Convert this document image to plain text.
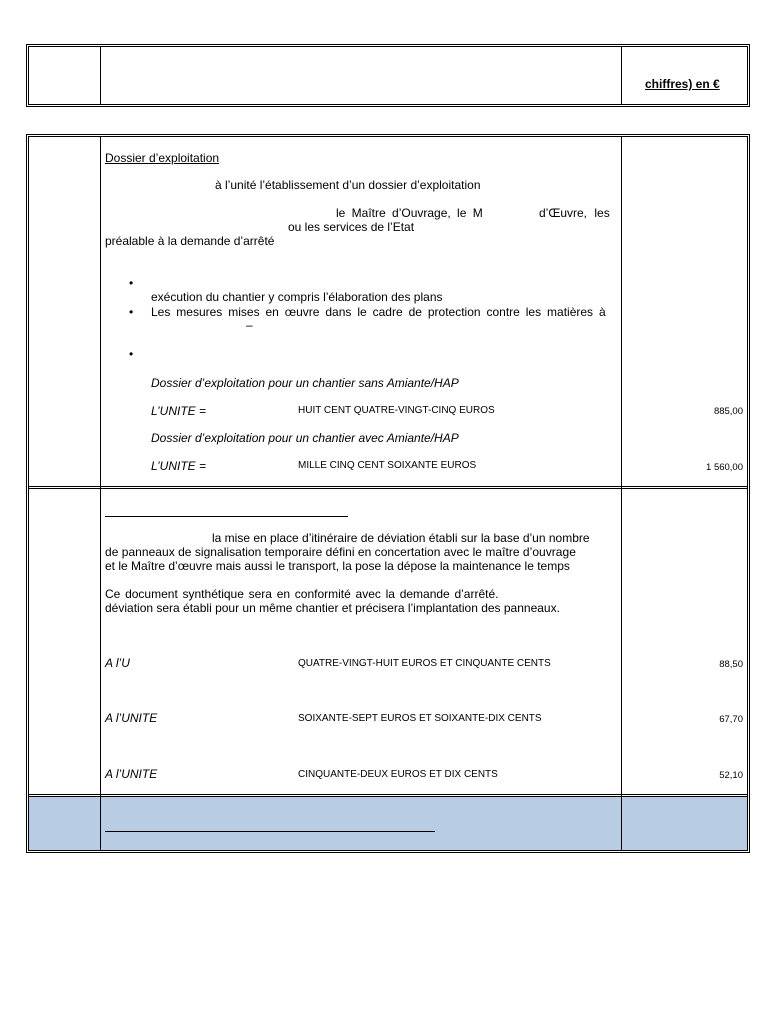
chiffres) en €
Dossier d’exploitation
à l’unité l’établissement d’un dossier d’exploitation
le Maître d’Ouvrage, le M	d’Œuvre, les
ou les services de l’Etat
préalable à la demande d’arrêté
•
•
exécution du chantier y compris l’élaboration des plans
Les mesures mises en œuvre dans le cadre de protection contre les matières à
–
•
Dossier d’exploitation pour un chantier sans Amiante/HAP
L’UNITE =	HUIT CENT QUATRE-VINGT-CINQ EUROS	885,00
Dossier d’exploitation pour un chantier avec Amiante/HAP
L’UNITE =	MILLE CINQ CENT SOIXANTE EUROS	1 560,00
la mise en place d’itinéraire de déviation établi sur la base d’un nombre
de panneaux de signalisation temporaire défini en concertation avec le maître d’ouvrage
et le Maître d’œuvre mais aussi le transport, la pose la dépose la maintenance le temps
Ce document synthétique sera en conformité avec la demande d’arrêté.
déviation sera établi pour un même chantier et précisera l’implantation des panneaux.
A l’U	QUATRE-VINGT-HUIT EUROS ET CINQUANTE CENTS	88,50
A l’UNITE	SOIXANTE-SEPT EUROS ET SOIXANTE-DIX CENTS	67,70
A l’UNITE	CINQUANTE-DEUX EUROS ET DIX CENTS	52,10
